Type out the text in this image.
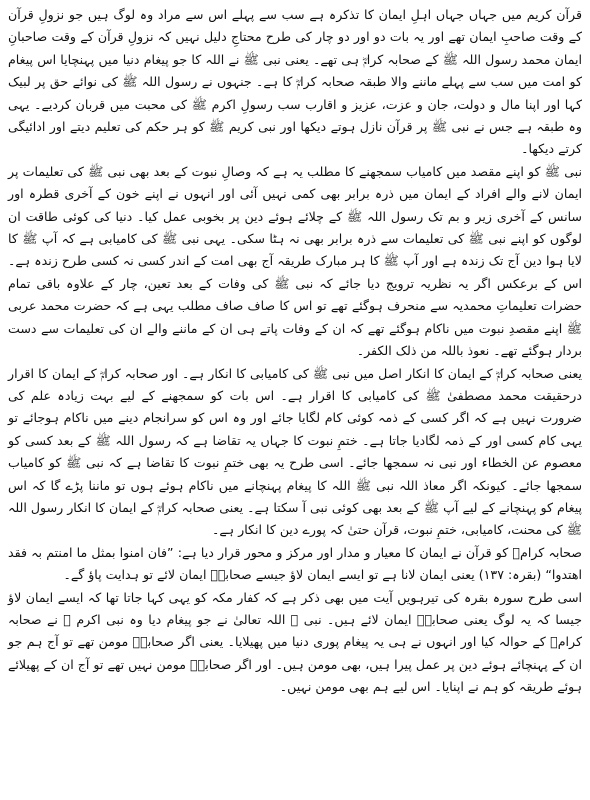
قرآن کریم میں جہاں جہاں اہلِ ایمان کا تذکرہ ہے سب سے پہلے اس سے مراد وہ لوگ ہیں جو نزولِ قرآن کے وقت صاحبِ ایمان تھے اور یہ بات دو اور دو چار کی طرح محتاجِ دلیل نہیں کہ نزولِ قرآن کے وقت صاحبانِ ایمان محمد رسول اللہ ﷺ کے صحابہ کرامؓ ہی تھے۔ یعنی نبی ﷺ نے اللہ کا جو پیغام دنیا میں پہنچایا اس پیغام کو امت میں سب سے پہلے ماننے والا طبقہ صحابہ کرامؓ کا ہے۔ جنہوں نے رسول اللہ ﷺ کی نوائے حق پر لبیک کہا اور اپنا مال و دولت، جان و عزت، عزیز و اقارب سب رسولِ اکرم ﷺ کی محبت میں قربان کردیے۔ یہی وہ طبقہ ہے جس نے نبی ﷺ پر قرآن نازل ہوتے دیکھا اور نبی کریم ﷺ کو ہر حکم کی تعلیم دیتے اور ادائیگی کرتے دیکھا۔

نبی ﷺ کو اپنے مقصد میں کامیاب سمجھنے کا مطلب یہ ہے کہ وصالِ نبوت کے بعد بھی نبی ﷺ کی تعلیمات پر ایمان لانے والے افراد کے ایمان میں ذرہ برابر بھی کمی نہیں آئی اور انہوں نے اپنے خون کے آخری قطرہ اور سانس کے آخری زیر و بم تک رسول اللہ ﷺ کے چلائے ہوئے دین پر بخوبی عمل کیا۔ دنیا کی کوئی طاقت ان لوگوں کو اپنے نبی ﷺ کی تعلیمات سے ذرہ برابر بھی نہ ہٹا سکی۔ یہی نبی ﷺ کی کامیابی ہے کہ آپ ﷺ کا لایا ہوا دین آج تک زندہ ہے اور آپ ﷺ کا ہر مبارک طریقہ آج بھی امت کے اندر کسی نہ کسی طرح زندہ ہے۔ اس کے برعکس اگر یہ نظریہ ترویج دیا جائے کہ نبی ﷺ کی وفات کے بعد تعین، چار کے علاوہ باقی تمام حضرات تعلیماتِ محمدیہ سے منحرف ہوگئے تھے تو اس کا صاف صاف مطلب یہی ہے کہ حضرت محمد عربی ﷺ اپنے مقصدِ نبوت میں ناکام ہوگئے تھے کہ ان کے وفات پاتے ہی ان کے ماننے والے ان کی تعلیمات سے دست بردار ہوگئے تھے۔ نعوذ باللہ من ذلک الکفر۔

یعنی صحابہ کرامؓ کے ایمان کا انکار اصل میں نبی ﷺ کی کامیابی کا انکار ہے۔ اور صحابہ کرامؓ کے ایمان کا اقرار درحقیقت محمد مصطفیٰ ﷺ کی کامیابی کا اقرار ہے۔ اس بات کو سمجھنے کے لیے بہت زیادہ علم کی ضرورت نہیں ہے کہ اگر کسی کے ذمہ کوئی کام لگایا جائے اور وہ اس کو سرانجام دینے میں ناکام ہوجائے تو یہی کام کسی اور کے ذمہ لگادیا جاتا ہے۔ ختمِ نبوت کا جہاں یہ تقاضا ہے کہ رسول اللہ ﷺ کے بعد کسی کو معصوم عن الخطاء اور نبی نہ سمجھا جائے۔ اسی طرح یہ بھی ختمِ نبوت کا تقاضا ہے کہ نبی ﷺ کو کامیاب سمجھا جائے۔ کیونکہ اگر معاذ اللہ نبی ﷺ اللہ کا پیغام پہنچانے میں ناکام ہوئے ہوں تو ماننا پڑے گا کہ اس پیغام کو پہنچانے کے لیے آپ ﷺ کے بعد بھی کوئی نبی آ سکتا ہے۔ یعنی صحابہ کرامؓ کے ایمان کا انکار رسول اللہ ﷺ کی محنت، کامیابی، ختمِ نبوت، قرآن حتیٰ کہ پورے دین کا انکار ہے۔

صحابہ کرامؓ کو قرآن نے ایمان کا معیار و مدار اور مرکز و محور قرار دیا ہے: ”فان امنوا بمثل ما امنتم بہ فقد اھتدوا“ (بقرہ: ۱۳۷) یعنی ایمان لانا ہے تو ایسے ایمان لاؤ جیسے صحابہؓ ایمان لائے تو ہدایت پاؤ گے۔

اسی طرح سورہ بقرہ کی تیرہویں آیت میں بھی ذکر ہے کہ کفار مکہ کو یہی کہا جاتا تھا کہ ایسے ایمان لاؤ جیسا کہ یہ لوگ یعنی صحابہؓ ایمان لائے ہیں۔ نبی ﷺ اللہ تعالیٰ نے جو پیغام دیا وہ نبی اکرم ﷺ نے صحابہ کرامؓ کے حوالہ کیا اور انہوں نے ہی یہ پیغام پوری دنیا میں پھیلایا۔ یعنی اگر صحابہؓ مومن تھے تو آج ہم جو ان کے پہنچائے ہوئے دین پر عمل پیرا ہیں، بھی مومن ہیں۔ اور اگر صحابہؓ مومن نہیں تھے تو آج ان کے پھیلائے ہوئے طریقہ کو ہم نے اپنایا۔ اس لیے ہم بھی مومن نہیں۔
